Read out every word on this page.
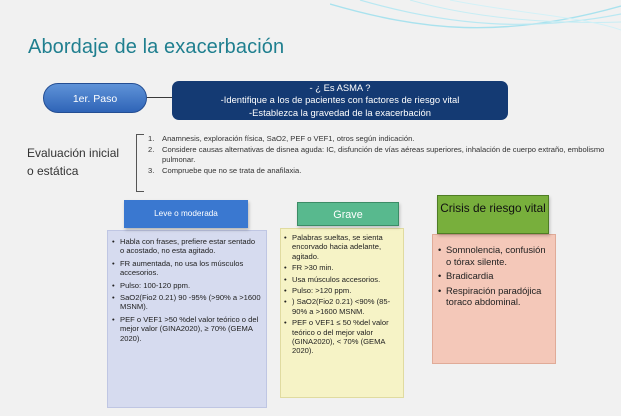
Abordaje de la exacerbación
1er. Paso
- ¿ Es ASMA ?
-Identifique a los de pacientes con factores de riesgo vital
-Establezca la gravedad de la exacerbación
Evaluación inicial o estática
1. Anamnesis, exploración física, SaO2, PEF o VEF1, otros según indicación.
2. Considere causas alternativas de disnea aguda: IC, disfunción de vías aéreas superiores, inhalación de cuerpo extraño, embolismo pulmonar.
3. Compruebe que no se trata de anafilaxia.
• Habla con frases, prefiere estar sentado o acostado, no esta agitado.
• FR aumentada, no usa los músculos accesorios.
• Pulso: 100-120 ppm.
• SaO2(Fio2 0.21) 90 -95% (>90% a >1600 MSNM).
• PEF o VEF1 >50 %del valor teórico o del mejor valor (GINA2020), ≥ 70% (GEMA 2020).
Leve o moderada
• Palabras sueltas, se sienta encorvado hacia adelante, agitado.
• FR >30 min.
• Usa músculos accesorios.
• Pulso: >120 ppm.
• ) SaO2(Fio2 0.21) <90% (85-90% a >1600 MSNM.
• PEF o VEF1 ≤ 50 %del valor teórico o del mejor valor (GINA2020), < 70% (GEMA 2020).
Grave
• Somnolencia, confusión o tórax silente.
• Bradicardia
• Respiración paradójica toraco abdominal.
Crisis de riesgo vital
